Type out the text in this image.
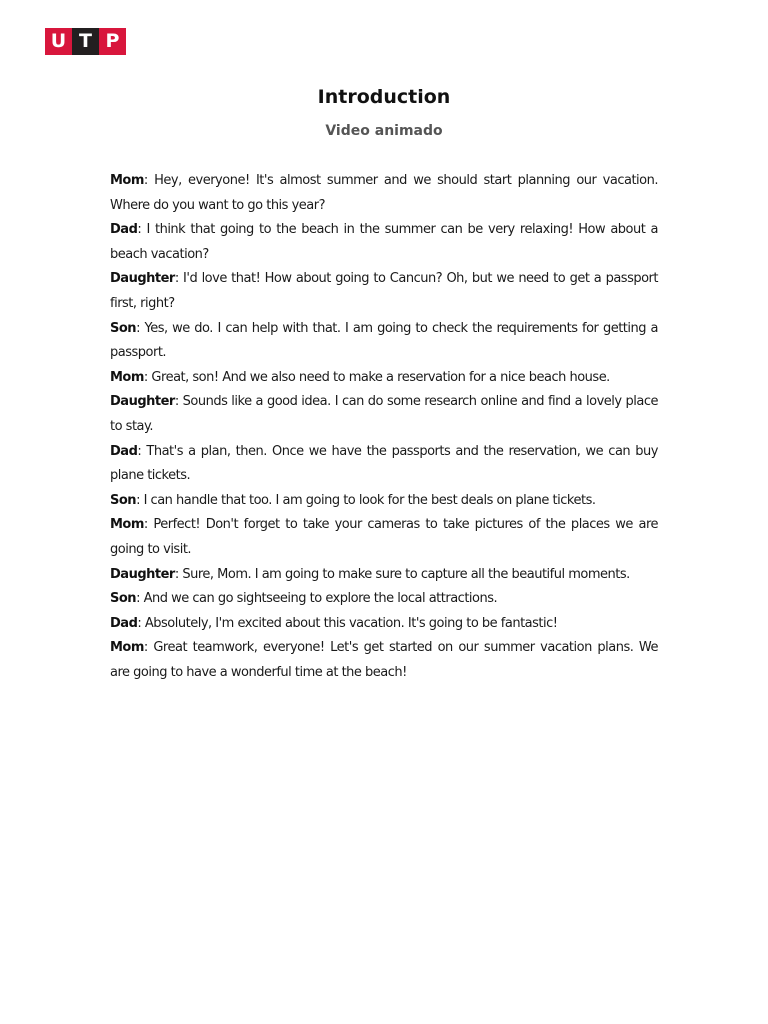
U T P
Introduction
Video animado

Mom: Hey, everyone! It's almost summer and we should start planning our vacation. Where do you want to go this year?

Dad: I think that going to the beach in the summer can be very relaxing! How about a beach vacation?

Daughter: I'd love that! How about going to Cancun? Oh, but we need to get a passport first, right?

Son: Yes, we do. I can help with that. I am going to check the requirements for getting a passport.

Mom: Great, son! And we also need to make a reservation for a nice beach house.

Daughter: Sounds like a good idea. I can do some research online and find a lovely place to stay.

Dad: That's a plan, then. Once we have the passports and the reservation, we can buy plane tickets.

Son: I can handle that too. I am going to look for the best deals on plane tickets.

Mom: Perfect! Don't forget to take your cameras to take pictures of the places we are going to visit.

Daughter: Sure, Mom. I am going to make sure to capture all the beautiful moments.

Son: And we can go sightseeing to explore the local attractions.

Dad: Absolutely, I'm excited about this vacation. It's going to be fantastic!

Mom: Great teamwork, everyone! Let's get started on our summer vacation plans. We are going to have a wonderful time at the beach!
